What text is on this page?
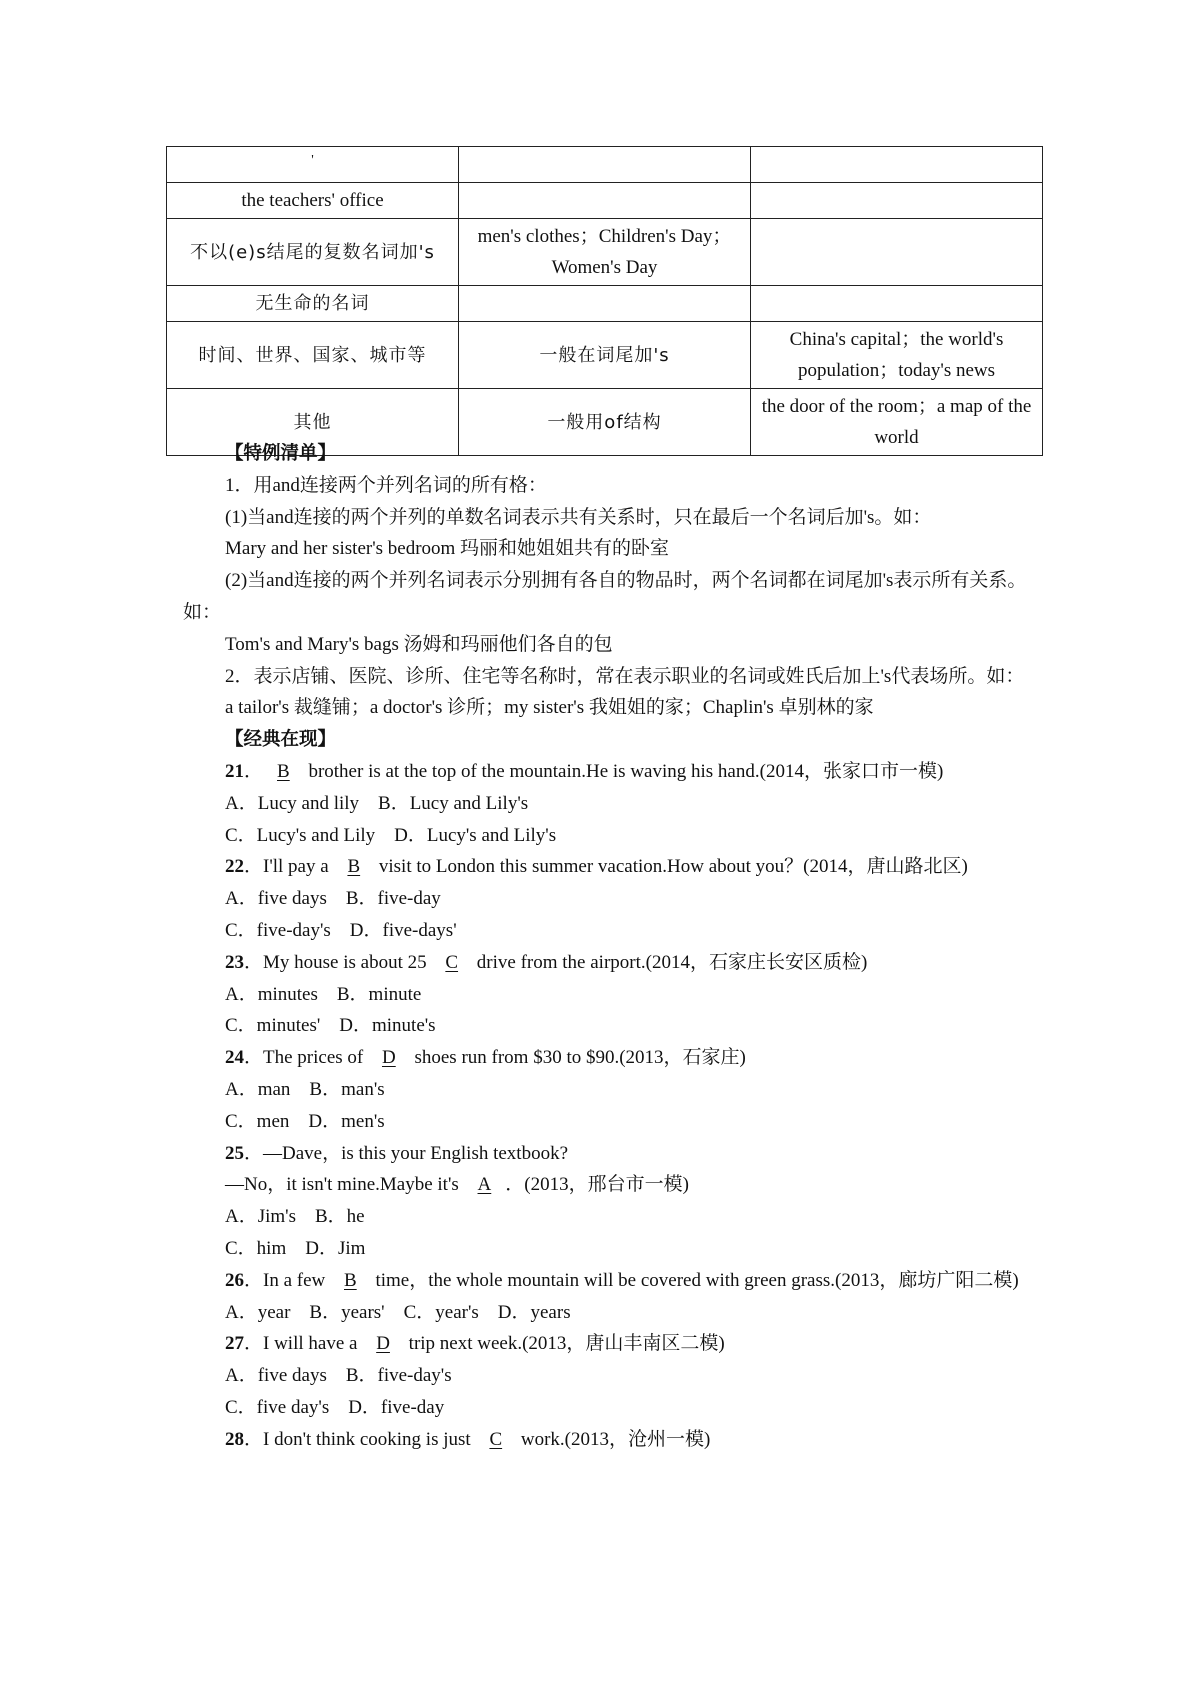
'		
the teachers' office		
不以(e)s结尾的复数名词加's	men's clothes；Children's Day；Women's Day	
无生命的名词		
时间、世界、国家、城市等	一般在词尾加's	China's capital；the world's population；today's news
其他	一般用of结构	the door of the room；a map of the world
【特例清单】
1．用and连接两个并列名词的所有格：
(1)当and连接的两个并列的单数名词表示共有关系时，只在最后一个名词后加's。如：
Mary and her sister's bedroom 玛丽和她姐姐共有的卧室
(2)当and连接的两个并列名词表示分别拥有各自的物品时，两个名词都在词尾加's表示所有关系。如：
Tom's and Mary's bags 汤姆和玛丽他们各自的包
2．表示店铺、医院、诊所、住宅等名称时，常在表示职业的名词或姓氏后加上's代表场所。如：
a tailor's 裁缝铺；a doctor's 诊所；my sister's 我姐姐的家；Chaplin's 卓别林的家
【经典在现】
21． B brother is at the top of the mountain.He is waving his hand.(2014，张家口市一模)
A．Lucy and lily　B．Lucy and Lily's
C．Lucy's and Lily　D．Lucy's and Lily's
22．I'll pay a B visit to London this summer vacation.How about you？(2014，唐山路北区)
A．five days　B．five-day
C．five-day's　D．five-days'
23．My house is about 25 C drive from the airport.(2014，石家庄长安区质检)
A．minutes　B．minute
C．minutes'　D．minute's
24．The prices of D shoes run from $30 to $90.(2013，石家庄)
A．man　B．man's
C．men　D．men's
25．—Dave，is this your English textbook?
—No，it isn't mine.Maybe it's A ．(2013，邢台市一模)
A．Jim's　B．he
C．him　D．Jim
26．In a few B time，the whole mountain will be covered with green grass.(2013，廊坊广阳二模)
A．year　B．years'　C．year's　D．years
27．I will have a D trip next week.(2013，唐山丰南区二模)
A．five days　B．five-day's
C．five day's　D．five-day
28．I don't think cooking is just C work.(2013，沧州一模)
